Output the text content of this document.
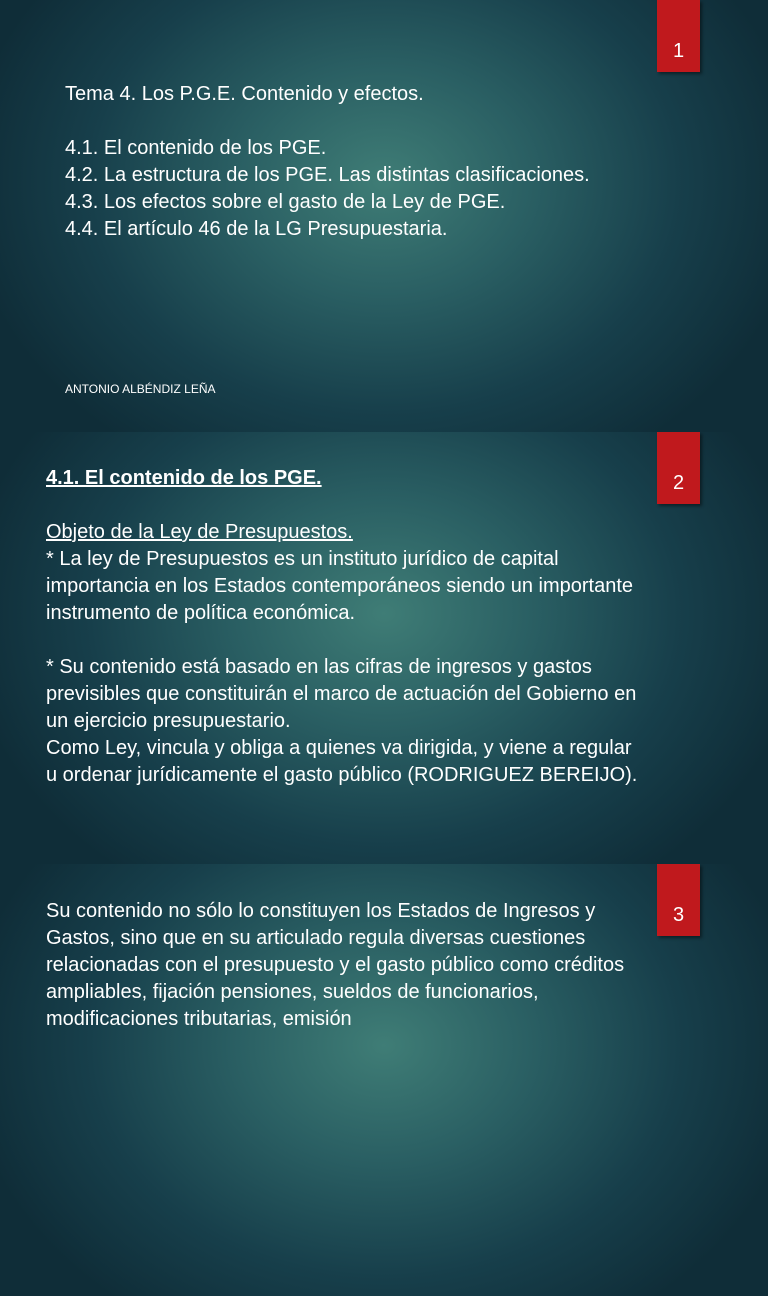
1

Tema 4. Los P.G.E. Contenido y efectos.

4.1. El contenido de los PGE.

4.2. La estructura de los PGE. Las distintas clasificaciones.

4.3. Los efectos sobre el gasto de la Ley de PGE.

4.4. El artículo 46 de la LG Presupuestaria.

ANTONIO ALBÉNDIZ LEÑA
2

4.1. El contenido de los PGE.

Objeto de la Ley de Presupuestos.

* La ley de Presupuestos es un instituto jurídico de capital importancia en los Estados contemporáneos siendo un importante instrumento de política económica.

* Su contenido está basado en las cifras de ingresos y gastos previsibles que constituirán el marco de actuación del Gobierno en un ejercicio presupuestario.

Como Ley, vincula y obliga a quienes va dirigida, y viene a regular u ordenar jurídicamente el gasto público (RODRIGUEZ BEREIJO).

3

Su contenido no sólo lo constituyen los Estados de Ingresos y Gastos, sino que en su articulado regula diversas cuestiones relacionadas con el presupuesto y el gasto público como créditos ampliables, fijación pensiones, sueldos de funcionarios, modificaciones tributarias, emisión
